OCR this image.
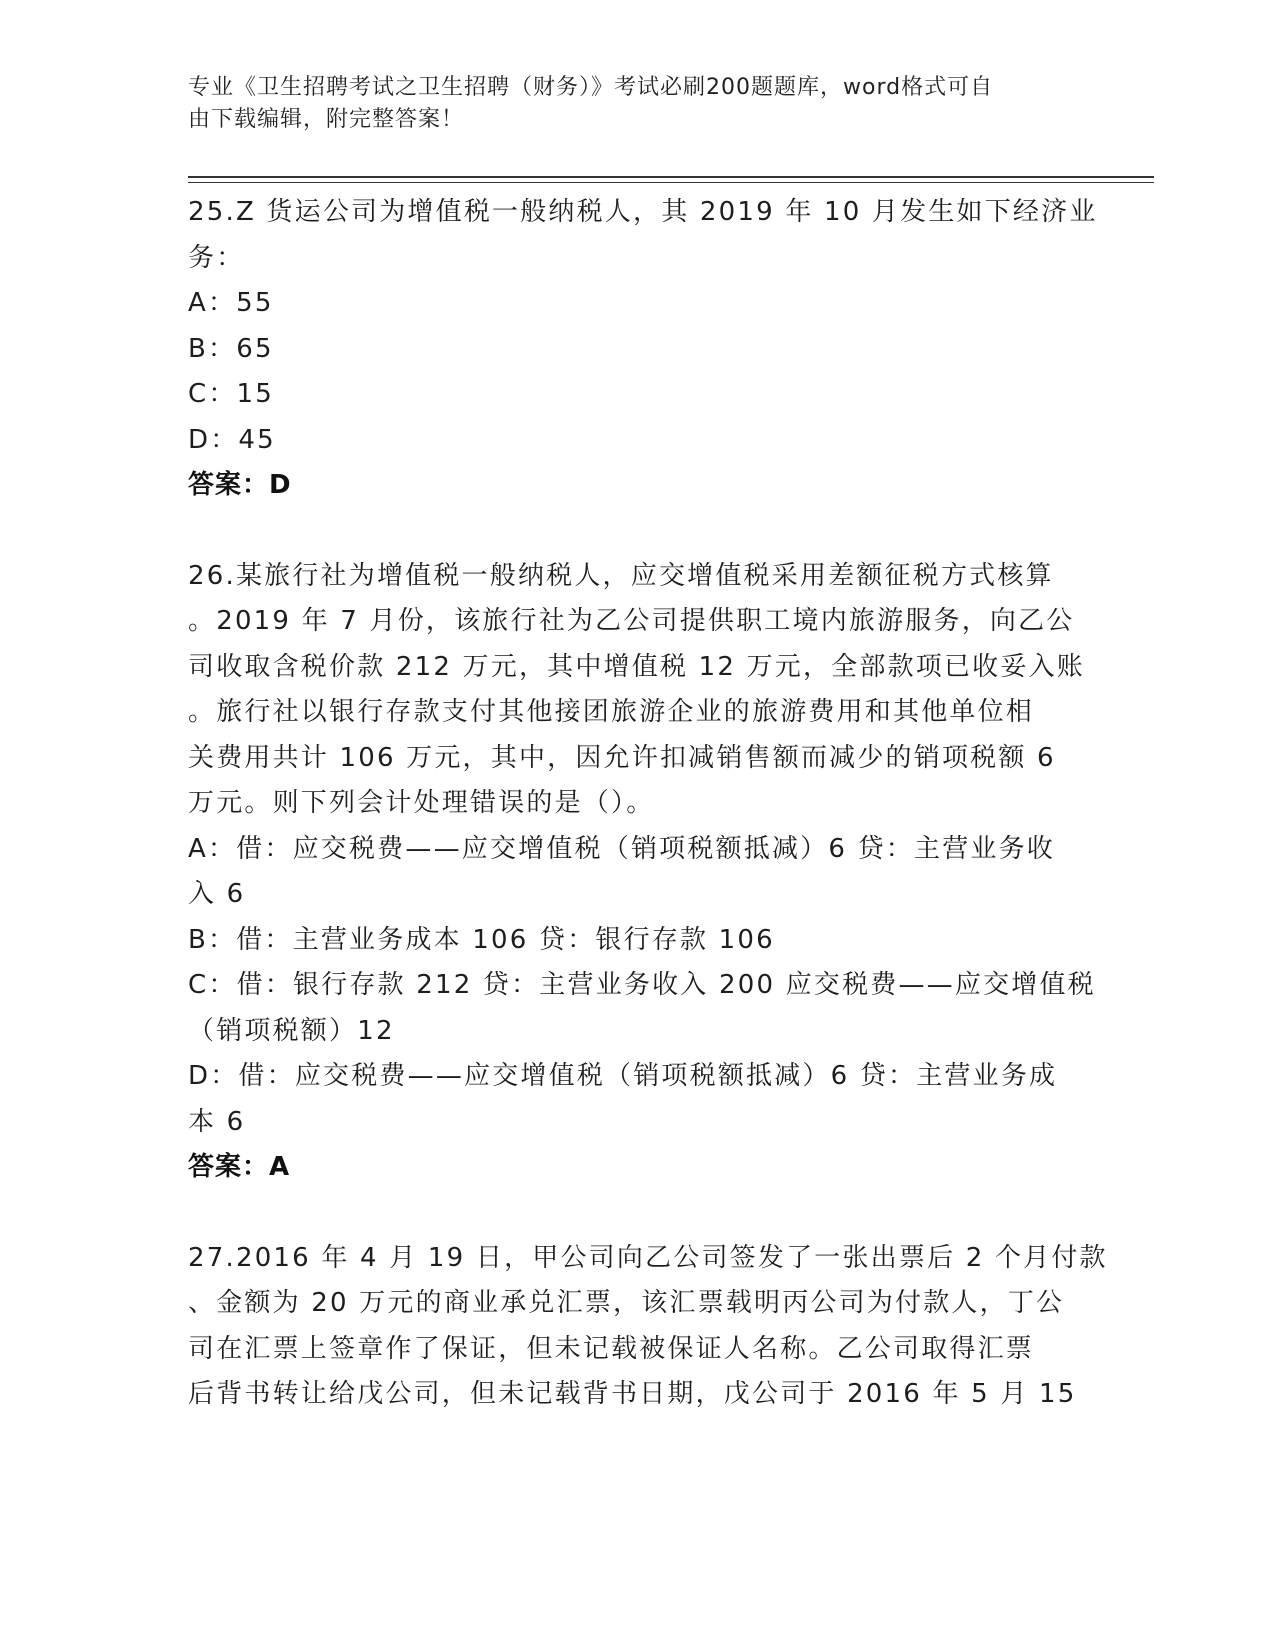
专业《卫生招聘考试之卫生招聘（财务）》考试必刷200题题库，word格式可自
由下载编辑，附完整答案！
25.Z 货运公司为增值税一般纳税人，其 2019 年 10 月发生如下经济业
务：
A：55
B：65
C：15
D：45
答案：D
26.某旅行社为增值税一般纳税人，应交增值税采用差额征税方式核算
。2019 年 7 月份，该旅行社为乙公司提供职工境内旅游服务，向乙公
司收取含税价款 212 万元，其中增值税 12 万元，全部款项已收妥入账
。旅行社以银行存款支付其他接团旅游企业的旅游费用和其他单位相
关费用共计 106 万元，其中，因允许扣减销售额而减少的销项税额 6
万元。则下列会计处理错误的是（）。
A：借：应交税费——应交增值税（销项税额抵减）6 贷：主营业务收
入 6
B：借：主营业务成本 106 贷：银行存款 106
C：借：银行存款 212 贷：主营业务收入 200 应交税费——应交增值税
（销项税额）12
D：借：应交税费——应交增值税（销项税额抵减）6 贷：主营业务成
本 6
答案：A
27.2016 年 4 月 19 日，甲公司向乙公司签发了一张出票后 2 个月付款
、金额为 20 万元的商业承兑汇票，该汇票载明丙公司为付款人，丁公
司在汇票上签章作了保证，但未记载被保证人名称。乙公司取得汇票
后背书转让给戊公司，但未记载背书日期，戊公司于 2016 年 5 月 15
